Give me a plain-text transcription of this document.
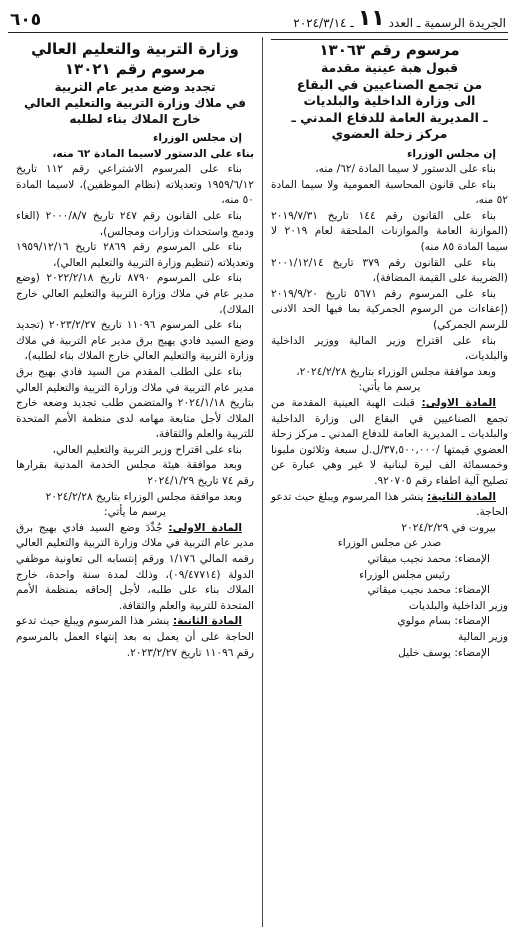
٦٠٥	الجريدة الرسمية ـ العدد
١١
ـ ٢٠٢٤/٣/١٤
مرسوم رقم ١٣٠٦٣
قبول هبة عينية مقدمة
من تجمع الصناعيين في البقاع
الى وزارة الداخلية والبلديات
ـ المديرية العامة للدفاع المدني ـ
مركز زحلة العضوي

إن مجلس الوزراء

بناء على الدستور لا سيما المادة /٦٢/ منه،

بناء على قانون المحاسبة العمومية ولا سيما المادة ٥٢ منه،

بناء على القانون رقم ١٤٤ تاريخ ٢٠١٩/٧/٣١ (الموازنة العامة والموازنات الملحقة لعام ٢٠١٩ لا سيما المادة ٨٥ منه)

بناء على القانون رقم ٣٧٩ تاريخ ٢٠٠١/١٢/١٤ (الضريبة على القيمة المضافة)،

بناء على المرسوم رقم ٥٦٧١ تاريخ ٢٠١٩/٩/٢٠ (إعفاءات من الرسوم الجمركية بما فيها الحد الادنى للرسم الجمركي)

بناء على اقتراح وزير المالية ووزير الداخلية والبلديات،

وبعد موافقة مجلس الوزراء بتاريخ ٢٠٢٤/٢/٢٨،

يرسم ما يأتي:

المادة الاولى: قبلت الهبة العينية المقدمة من تجمع الصناعيين في البقاع الى وزارة الداخلية والبلديات ـ المديرية العامة للدفاع المدني ـ مركز زحلة العضوي قيمتها /٣٧,٥٠٠,٠٠٠/ل.ل سبعة وثلاثون مليونا وخمسمائة الف ليرة لبنانية لا غير وهي عبارة عن تصليح آلية اطفاء رقم ٩٢٠٧٠٥.

المادة الثانية: ينشر هذا المرسوم ويبلغ حيث تدعو الحاجة.

بيروت في ٢٠٢٤/٢/٢٩

صدر عن مجلس الوزراء

الإمضاء: محمد نجيب ميقاتي

رئيس مجلس الوزراء

الإمضاء: محمد نجيب ميقاتي

وزير الداخلية والبلديات

الإمضاء: بسام مولوي

وزير المالية

الإمضاء: يوسف خليل

وزارة التربية والتعليم العالي
مرسوم رقم ١٣٠٢١
تجديد وضع مدير عام التربية
في ملاك وزارة التربية والتعليم العالي
خارج الملاك بناء لطلبه

إن مجلس الوزراء

بناء على الدستور لاسيما المادة ٦٢ منه،

بناء على المرسوم الاشتراعي رقم ١١٢ تاريخ ١٩٥٩/٦/١٢ وتعديلاته (نظام الموظفين)، لاسيما المادة ٥٠ منه،

بناء على القانون رقم ٢٤٧ تاريخ ٢٠٠٠/٨/٧ (الغاء ودمج واستحداث وزارات ومجالس)،

بناء على المرسوم رقم ٢٨٦٩ تاريخ ١٩٥٩/١٢/١٦ وتعديلاته (تنظيم وزارة التربية والتعليم العالي)،

بناء على المرسوم ٨٧٩٠ تاريخ ٢٠٢٢/٢/١٨ (وضع مدير عام في ملاك وزارة التربية والتعليم العالي خارج الملاك)،

بناء على المرسوم ١١٠٩٦ تاريخ ٢٠٢٣/٢/٢٧ (تجديد وضع السيد فادي يهيج برق مدير عام التربية في ملاك وزارة التربية والتعليم العالي خارج الملاك بناء لطلبه)،

بناء على الطلب المقدم من السيد فادي بهيج برق مدير عام التربية في ملاك وزارة التربية والتعليم العالي بتاريخ ٢٠٢٤/١/١٨ والمتضمن طلب تجديد وضعه خارج الملاك لأجل متابعة مهامه لدى منظمة الأمم المتحدة للتربية والعلم والثقافة،

بناء على اقتراح وزير التربية والتعليم العالي،

وبعد موافقة هيئة مجلس الخدمة المدنية بقرارها رقم ٧٤ تاريخ ٢٠٢٤/١/٢٩

وبعد موافقة مجلس الوزراء بتاريخ ٢٠٢٤/٢/٢٨

يرسم ما يأتي:

المادة الاولى: جُدِّدَ وضع السيد فادي بهيج برق مدير عام التربية في ملاك وزارة التربية والتعليم العالي رقمه المالي ١/١٧٦ ورقم إنتسابه الى تعاونية موظفي الدولة (٠٩/٤٧٧١٤)، وذلك لمدة سنة واحدة، خارج الملاك بناء على طلبه، لأجل إلحاقه بمنظمة الأمم المتحدة للتربية والعلم والثقافة.

المادة الثانية: ينشر هذا المرسوم ويبلغ حيث تدعو الحاجة على أن يعمل به بعد إنتهاء العمل بالمرسوم رقم ١١٠٩٦ تاريخ ٢٠٢٣/٢/٢٧.
